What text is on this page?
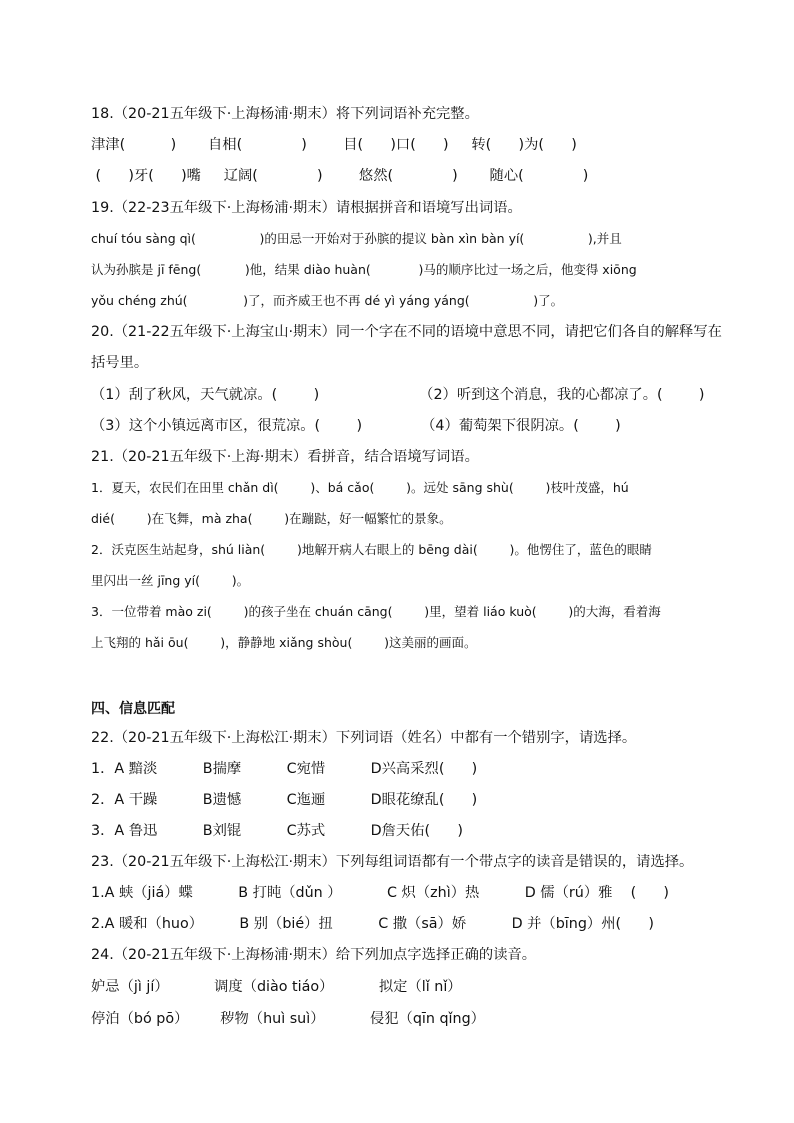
18.（20-21五年级下·上海杨浦·期末）将下列词语补充完整。
津津(          )       自相(             )        目(      )口(      )     转(      )为(      )
(      )牙(      )嘴     辽阔(             )        悠然(             )       随心(             )
19.（22-23五年级下·上海杨浦·期末）请根据拼音和语境写出词语。
chuí tóu sàng qì(                )的田忌一开始对于孙膑的提议 bàn xìn bàn yí(                ),并且
认为孙膑是 jī fēng(           )他，结果 diào huàn(            )马的顺序比过一场之后，他变得 xiōng
yǒu chéng zhú(              )了，而齐威王也不再 dé yì yáng yáng(                )了。
20.（21-22五年级下·上海宝山·期末）同一个字在不同的语境中意思不同，请把它们各自的解释写在
括号里。
（1）刮了秋风，天气就凉。(        )                      （2）听到这个消息，我的心都凉了。(        )
（3）这个小镇远离市区，很荒凉。(        )             （4）葡萄架下很阴凉。(        )
21.（20-21五年级下·上海·期末）看拼音，结合语境写词语。
1．夏天，农民们在田里 chǎn dì(        )、bá cǎo(        )。远处 sāng shù(        )枝叶茂盛，hú
dié(        )在飞舞，mà zha(        )在蹦跶，好一幅繁忙的景象。
2．沃克医生站起身，shú liàn(        )地解开病人右眼上的 bēng dài(        )。他愣住了，蓝色的眼睛
里闪出一丝 jīng yí(        )。
3．一位带着 mào zi(        )的孩子坐在 chuán cāng(        )里，望着 liáo kuò(        )的大海，看着海
上飞翔的 hǎi ōu(        )，静静地 xiǎng shòu(        )这美丽的画面。
四、信息匹配
22.（20-21五年级下·上海松江·期末）下列词语（姓名）中都有一个错别字，请选择。
1．A 黯淡          B揣摩          C宛惜          D兴高采烈(      )
2．A 干躁          B遗憾          C迤逦          D眼花缭乱(      )
3．A 鲁迅          B刘锟          C苏式          D詹天佑(      )
23.（20-21五年级下·上海松江·期末）下列每组词语都有一个带点字的读音是错误的，请选择。
1.A 蛱（jiá）蝶          B 打盹（dǔn ）          C 炽（zhì）热          D 儒（rú）雅    (      )
2.A 暖和（huo）        B 别（bié）扭          C 撒（sā）娇          D 并（bīng）州(      )
24.（20-21五年级下·上海杨浦·期末）给下列加点字选择正确的读音。
妒忌（jì jí）          调度（diào tiáo）          拟定（lǐ nǐ）
停泊（bó pō）       秽物（huì suì）          侵犯（qīn qǐng）
